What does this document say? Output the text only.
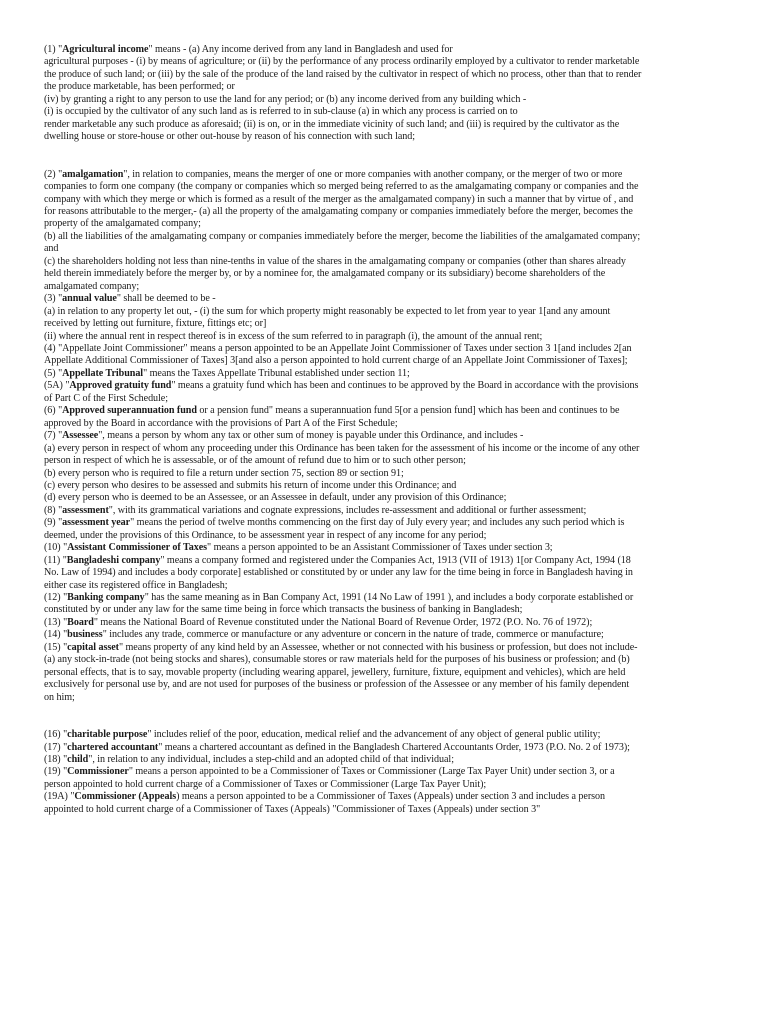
(1) "Agricultural income" means - (a) Any income derived from any land in Bangladesh and used for

agricultural purposes - (i) by means of agriculture; or (ii) by the performance of any process ordinarily employed by a cultivator to render marketable

the produce of such land; or (iii) by the sale of the produce of the land raised by the cultivator in respect of which no process, other than that to render

the produce marketable, has been performed; or

(iv) by granting a right to any person to use the land for any period; or (b) any income derived from any building which -

(i) is occupied by the cultivator of any such land as is referred to in sub-clause (a) in which any process is carried on to

render marketable any such produce as aforesaid; (ii) is on, or in the immediate vicinity of such land; and (iii) is required by the cultivator as the

dwelling house or store-house or other out-house by reason of his connection with such land;

(2) "amalgamation", in relation to companies, means the merger of one or more companies with another company, or the merger of two or more

companies to form one company (the company or companies which so merged being referred to as the amalgamating company or companies and the

company with which they merge or which is formed as a result of the merger as the amalgamated company) in such a manner that by virtue of , and

for reasons attributable to the merger,- (a) all the property of the amalgamating company or companies immediately before the merger, becomes the

property of the amalgamated company;

(b) all the liabilities of the amalgamating company or companies immediately before the merger, become the liabilities of the amalgamated company;

and

(c) the shareholders holding not less than nine-tenths in value of the shares in the amalgamating company or companies (other than shares already

held therein immediately before the merger by, or by a nominee for, the amalgamated company or its subsidiary) become shareholders of the

amalgamated company;

(3) "annual value" shall be deemed to be -

(a) in relation to any property let out, - (i) the sum for which property might reasonably be expected to let from year to year 1[and any amount

received by letting out furniture, fixture, fittings etc; or]

(ii) where the annual rent in respect thereof is in excess of the sum referred to in paragraph (i), the amount of the annual rent;

(4) "Appellate Joint Commissioner" means a person appointed to be an Appellate Joint Commissioner of Taxes under section 3 1[and includes 2[an

Appellate Additional Commissioner of Taxes] 3[and also a person appointed to hold current charge of an Appellate Joint Commissioner of Taxes];

(5) "Appellate Tribunal" means the Taxes Appellate Tribunal established under section 11;

(5A) "Approved gratuity fund" means a gratuity fund which has been and continues to be approved by the Board in accordance with the provisions

of Part C of the First Schedule;

(6) "Approved superannuation fund or a pension fund" means a superannuation fund 5[or a pension fund] which has been and continues to be

approved by the Board in accordance with the provisions of Part A of the First Schedule;

(7) "Assessee", means a person by whom any tax or other sum of money is payable under this Ordinance, and includes -

(a) every person in respect of whom any proceeding under this Ordinance has been taken for the assessment of his income or the income of any other

person in respect of which he is assessable, or of the amount of refund due to him or to such other person;

(b) every person who is required to file a return under section 75, section 89 or section 91;

(c) every person who desires to be assessed and submits his return of income under this Ordinance; and

(d) every person who is deemed to be an Assessee, or an Assessee in default, under any provision of this Ordinance;

(8) "assessment", with its grammatical variations and cognate expressions, includes re-assessment and additional or further assessment;

(9) "assessment year" means the period of twelve months commencing on the first day of July every year; and includes any such period which is

deemed, under the provisions of this Ordinance, to be assessment year in respect of any income for any period;

(10) "Assistant Commissioner of Taxes" means a person appointed to be an Assistant Commissioner of Taxes under section 3;

(11) "Bangladeshi company" means a company formed and registered under the Companies Act, 1913 (VII of 1913) 1[or Company Act, 1994 (18

No. Law of 1994) and includes a body corporate] established or constituted by or under any law for the time being in force in Bangladesh having in

either case its registered office in Bangladesh;

(12) "Banking company" has the same meaning as in Ban Company Act, 1991 (14 No Law of 1991 ), and includes a body corporate established or

constituted by or under any law for the same time being in force which transacts the business of banking in Bangladesh;

(13) "Board" means the National Board of Revenue constituted under the National Board of Revenue Order, 1972 (P.O. No. 76 of 1972);

(14) "business" includes any trade, commerce or manufacture or any adventure or concern in the nature of trade, commerce or manufacture;

(15) "capital asset" means property of any kind held by an Assessee, whether or not connected with his business or profession, but does not include-

(a) any stock-in-trade (not being stocks and shares), consumable stores or raw materials held for the purposes of his business or profession; and (b)

personal effects, that is to say, movable property (including wearing apparel, jewellery, furniture, fixture, equipment and vehicles), which are held

exclusively for personal use by, and are not used for purposes of the business or profession of the Assessee or any member of his family dependent

on him;

(16) "charitable purpose" includes relief of the poor, education, medical relief and the advancement of any object of general public utility;

(17) "chartered accountant" means a chartered accountant as defined in the Bangladesh Chartered Accountants Order, 1973 (P.O. No. 2 of 1973);

(18) "child", in relation to any individual, includes a step-child and an adopted child of that individual;

(19) "Commissioner" means a person appointed to be a Commissioner of Taxes or Commissioner (Large Tax Payer Unit) under section 3, or a

person appointed to hold current charge of a Commissioner of Taxes or Commissioner (Large Tax Payer Unit);

(19A) "Commissioner (Appeals) means a person appointed to be a Commissioner of Taxes (Appeals) under section 3 and includes a person

appointed to hold current charge of a Commissioner of Taxes (Appeals) "Commissioner of Taxes (Appeals) under section 3"
